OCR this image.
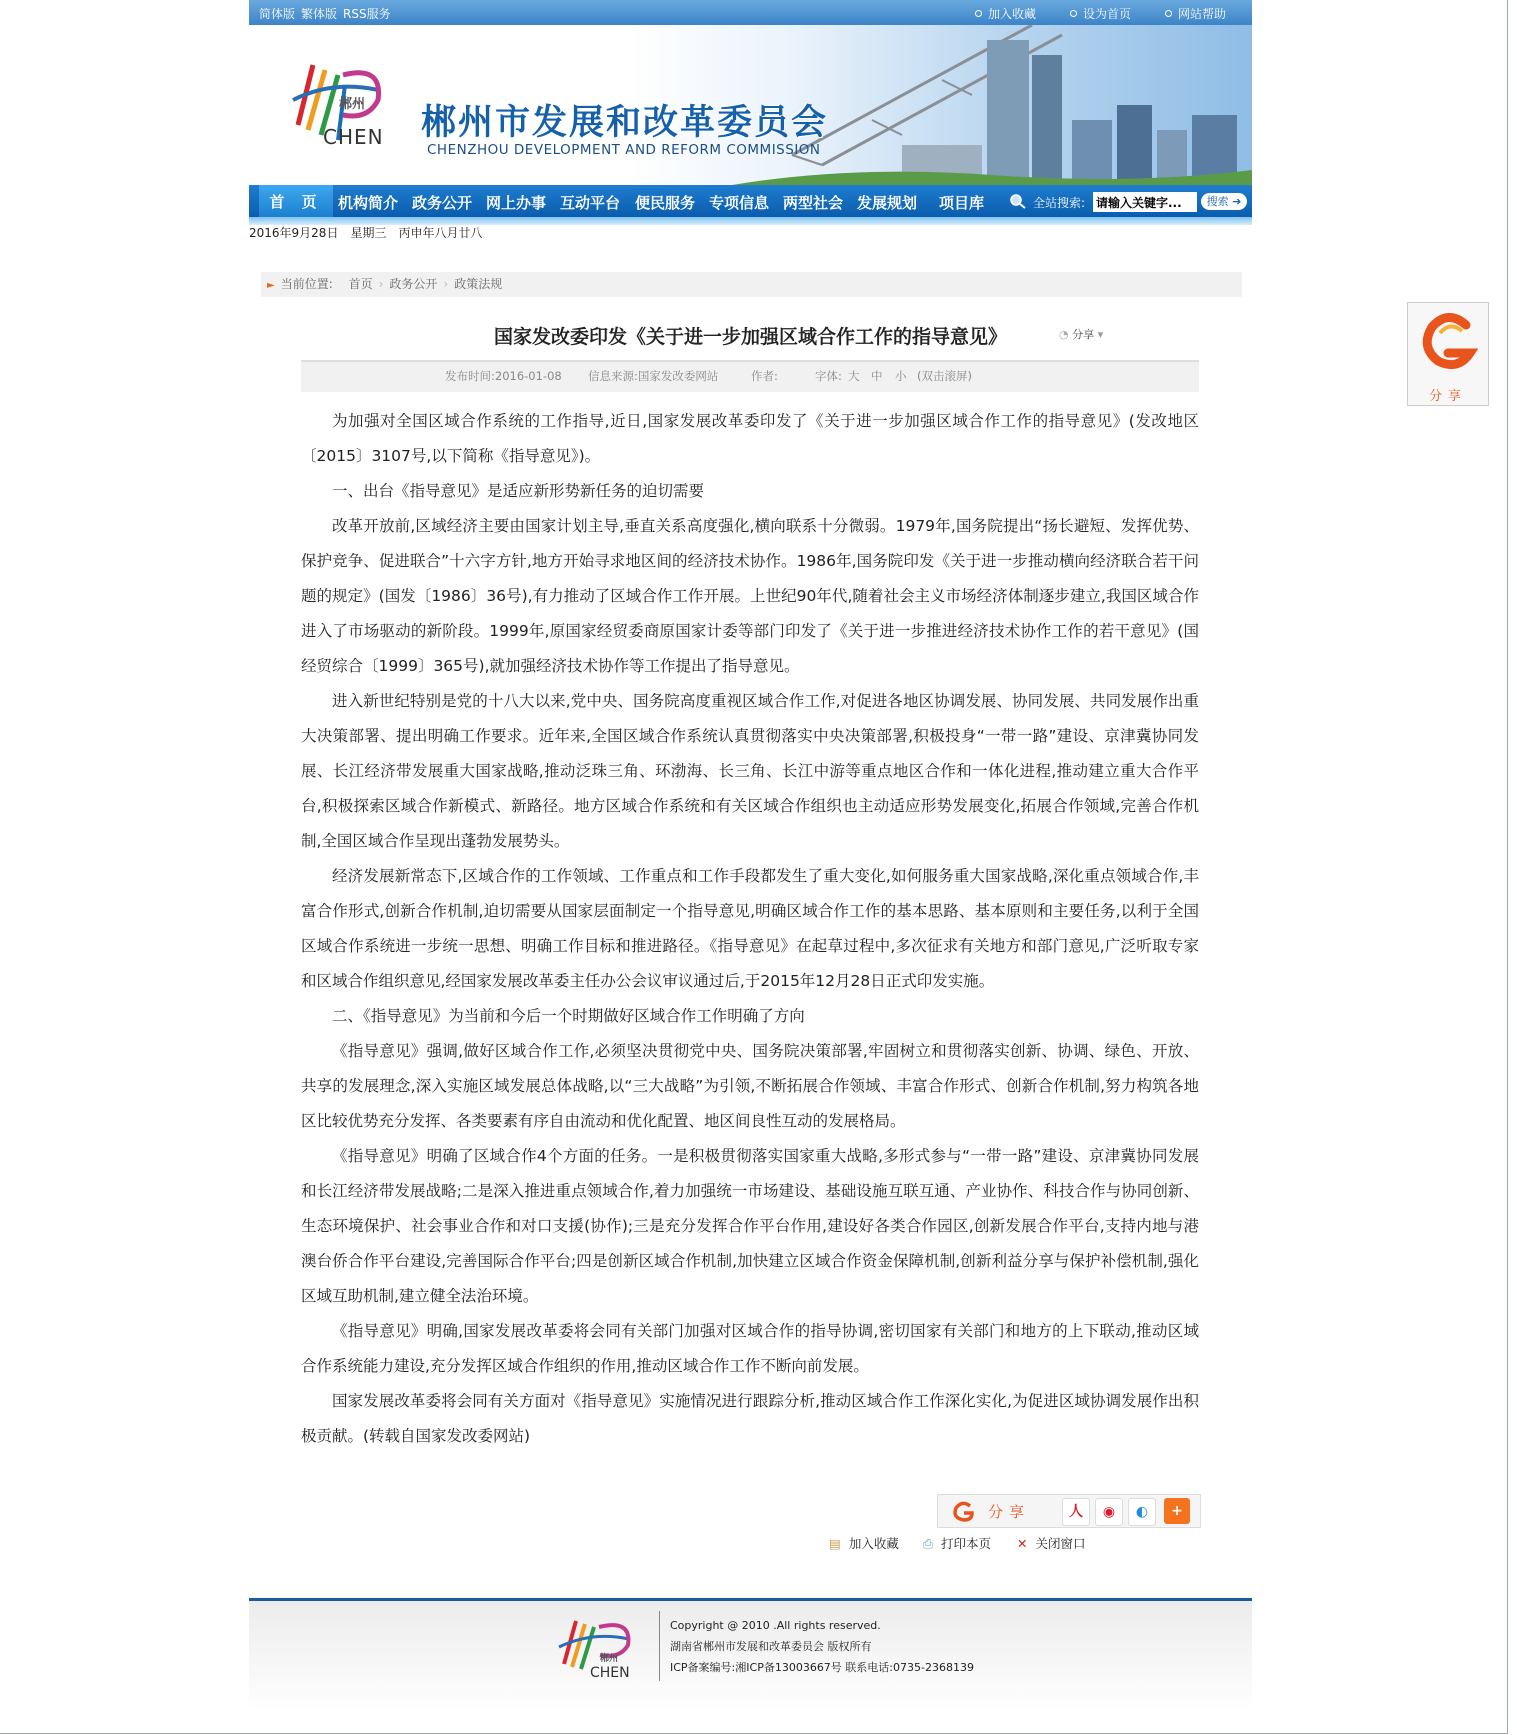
简体版 繁体版 RSS服务	加入收藏	设为首页	网站帮助
郴州
CHEN 郴州市发展和改革委员会
CHENZHOU DEVELOPMENT AND REFORM COMMISSION
首 页	机构简介 政务公开 网上办事 互动平台 便民服务 专项信息 两型社会 发展规划 项目库	全站搜索:
请输入关键字...	搜索 ➔
2016年9月28日 星期三 丙申年八月廿八
► 当前位置: 首页 › 政务公开 › 政策法规
国家发改委印发《关于进一步加强区域合作工作的指导意见》	◔ 分享 ▾
发布时间:2016-01-08 信息来源:国家发改委网站	作者:	字体: 大 中 小 (双击滚屏)

为加强对全国区域合作系统的工作指导,近日,国家发展改革委印发了《关于进一步加强区域合作工作的指导意见》(发改地区〔2015〕3107号,以下简称《指导意见》)。

一、出台《指导意见》是适应新形势新任务的迫切需要

改革开放前,区域经济主要由国家计划主导,垂直关系高度强化,横向联系十分微弱。1979年,国务院提出“扬长避短、发挥优势、保护竞争、促进联合”十六字方针,地方开始寻求地区间的经济技术协作。1986年,国务院印发《关于进一步推动横向经济联合若干问题的规定》(国发〔1986〕36号),有力推动了区域合作工作开展。上世纪90年代,随着社会主义市场经济体制逐步建立,我国区域合作进入了市场驱动的新阶段。1999年,原国家经贸委商原国家计委等部门印发了《关于进一步推进经济技术协作工作的若干意见》(国经贸综合〔1999〕365号),就加强经济技术协作等工作提出了指导意见。

进入新世纪特别是党的十八大以来,党中央、国务院高度重视区域合作工作,对促进各地区协调发展、协同发展、共同发展作出重大决策部署、提出明确工作要求。近年来,全国区域合作系统认真贯彻落实中央决策部署,积极投身“一带一路”建设、京津冀协同发展、长江经济带发展重大国家战略,推动泛珠三角、环渤海、长三角、长江中游等重点地区合作和一体化进程,推动建立重大合作平台,积极探索区域合作新模式、新路径。地方区域合作系统和有关区域合作组织也主动适应形势发展变化,拓展合作领域,完善合作机制,全国区域合作呈现出蓬勃发展势头。

经济发展新常态下,区域合作的工作领域、工作重点和工作手段都发生了重大变化,如何服务重大国家战略,深化重点领域合作,丰富合作形式,创新合作机制,迫切需要从国家层面制定一个指导意见,明确区域合作工作的基本思路、基本原则和主要任务,以利于全国区域合作系统进一步统一思想、明确工作目标和推进路径。《指导意见》在起草过程中,多次征求有关地方和部门意见,广泛听取专家和区域合作组织意见,经国家发展改革委主任办公会议审议通过后,于2015年12月28日正式印发实施。

二、《指导意见》为当前和今后一个时期做好区域合作工作明确了方向

《指导意见》强调,做好区域合作工作,必须坚决贯彻党中央、国务院决策部署,牢固树立和贯彻落实创新、协调、绿色、开放、共享的发展理念,深入实施区域发展总体战略,以“三大战略”为引领,不断拓展合作领域、丰富合作形式、创新合作机制,努力构筑各地区比较优势充分发挥、各类要素有序自由流动和优化配置、地区间良性互动的发展格局。

《指导意见》明确了区域合作4个方面的任务。一是积极贯彻落实国家重大战略,多形式参与“一带一路”建设、京津冀协同发展和长江经济带发展战略;二是深入推进重点领域合作,着力加强统一市场建设、基础设施互联互通、产业协作、科技合作与协同创新、生态环境保护、社会事业合作和对口支援(协作);三是充分发挥合作平台作用,建设好各类合作园区,创新发展合作平台,支持内地与港澳台侨合作平台建设,完善国际合作平台;四是创新区域合作机制,加快建立区域合作资金保障机制,创新利益分享与保护补偿机制,强化区域互助机制,建立健全法治环境。

《指导意见》明确,国家发展改革委将会同有关部门加强对区域合作的指导协调,密切国家有关部门和地方的上下联动,推动区域合作系统能力建设,充分发挥区域合作组织的作用,推动区域合作工作不断向前发展。

国家发展改革委将会同有关方面对《指导意见》实施情况进行跟踪分析,推动区域合作工作深化实化,为促进区域协调发展作出积极贡献。(转载自国家发改委网站)

分享	人	◉	◐	+
▤ 加入收藏 ⎙ 打印本页 ✕ 关闭窗口
郴州
CHEN
Copyright @ 2010 .All rights reserved.
湖南省郴州市发展和改革委员会 版权所有
ICP备案编号:湘ICP备13003667号 联系电话:0735-2368139
分享
